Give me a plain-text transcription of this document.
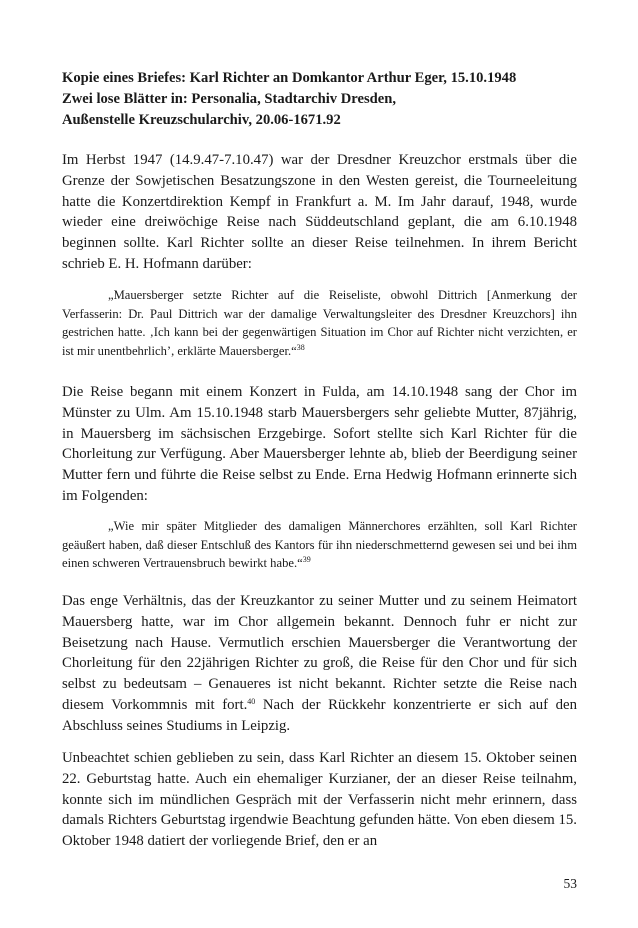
Kopie eines Briefes: Karl Richter an Domkantor Arthur Eger, 15.10.1948
Zwei lose Blätter in: Personalia, Stadtarchiv Dresden,
Außenstelle Kreuzschularchiv, 20.06-1671.92

Im Herbst 1947 (14.9.47-7.10.47) war der Dresdner Kreuzchor erstmals über die Grenze der Sowjetischen Besatzungszone in den Westen gereist, die Tourneeleitung hatte die Konzertdirektion Kempf in Frankfurt a. M. Im Jahr darauf, 1948, wurde wieder eine dreiwöchige Reise nach Süddeutschland geplant, die am 6.10.1948 beginnen sollte. Karl Richter sollte an dieser Reise teilnehmen. In ihrem Bericht schrieb E. H. Hofmann darüber:

„Mauersberger setzte Richter auf die Reiseliste, obwohl Dittrich [Anmerkung der Verfasserin: Dr. Paul Dittrich war der damalige Verwaltungsleiter des Dresdner Kreuzchors] ihn gestrichen hatte. ‚Ich kann bei der gegenwärtigen Situation im Chor auf Richter nicht verzichten, er ist mir unentbehrlich’, erklärte Mauersberger.“$^{38}$

Die Reise begann mit einem Konzert in Fulda, am 14.10.1948 sang der Chor im Münster zu Ulm. Am 15.10.1948 starb Mauersbergers sehr geliebte Mutter, 87jährig, in Mauersberg im sächsischen Erzgebirge. Sofort stellte sich Karl Richter für die Chorleitung zur Verfügung. Aber Mauersberger lehnte ab, blieb der Beerdigung seiner Mutter fern und führte die Reise selbst zu Ende. Erna Hedwig Hofmann erinnerte sich im Folgenden:

„Wie mir später Mitglieder des damaligen Männerchores erzählten, soll Karl Richter geäußert haben, daß dieser Entschluß des Kantors für ihn niederschmetternd gewesen sei und bei ihm einen schweren Vertrauensbruch bewirkt habe.“$^{39}$

Das enge Verhältnis, das der Kreuzkantor zu seiner Mutter und zu seinem Heimatort Mauersberg hatte, war im Chor allgemein bekannt. Dennoch fuhr er nicht zur Beisetzung nach Hause. Vermutlich erschien Mauersberger die Verantwortung der Chorleitung für den 22jährigen Richter zu groß, die Reise für den Chor und für sich selbst zu bedeutsam – Genaueres ist nicht bekannt. Richter setzte die Reise nach diesem Vorkommnis mit fort.$^{40}$ Nach der Rückkehr konzentrierte er sich auf den Abschluss seines Studiums in Leipzig.

Unbeachtet schien geblieben zu sein, dass Karl Richter an diesem 15. Oktober seinen 22. Geburtstag hatte. Auch ein ehemaliger Kurzianer, der an dieser Reise teilnahm, konnte sich im mündlichen Gespräch mit der Verfasserin nicht mehr erinnern, dass damals Richters Geburtstag irgendwie Beachtung gefunden hätte. Von eben diesem 15. Oktober 1948 datiert der vorliegende Brief, den er an

53
